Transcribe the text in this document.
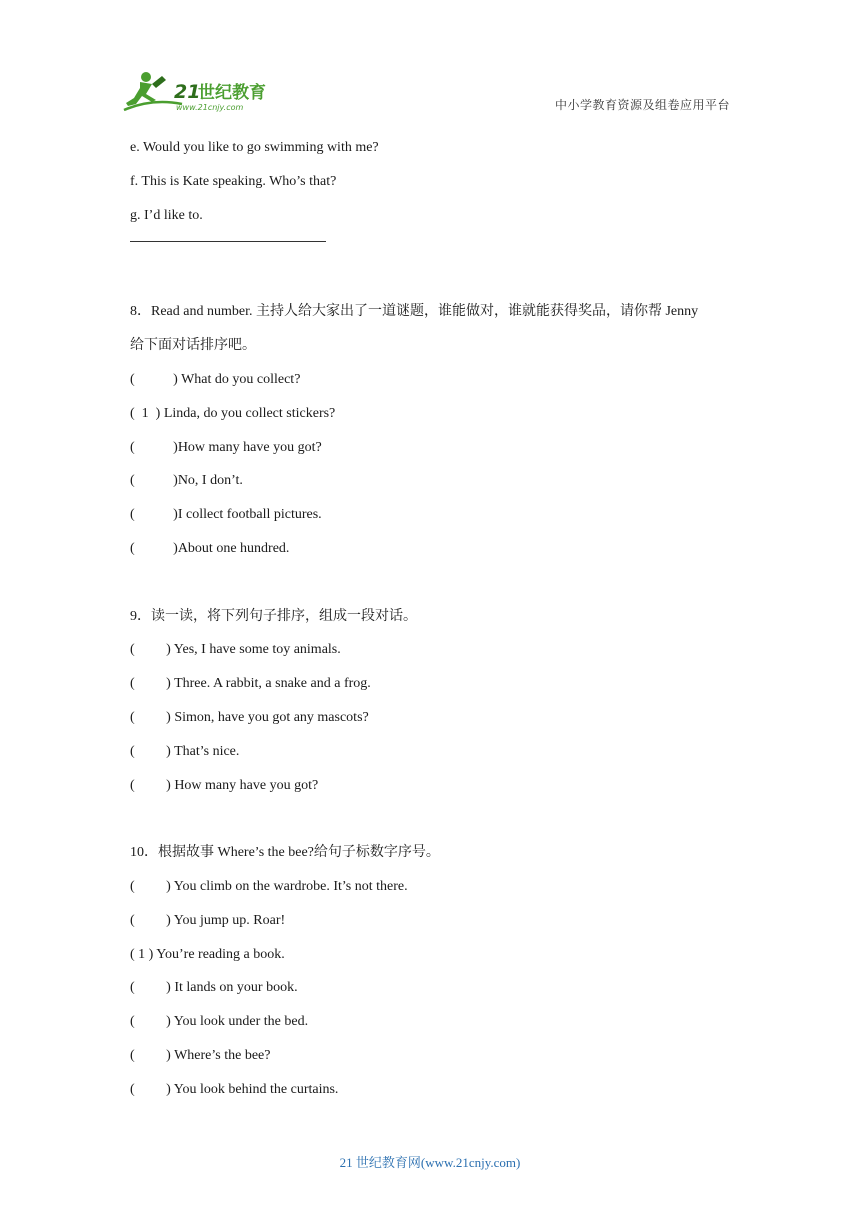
21
世纪教育
www.21cnjy.com	中小学教育资源及组卷应用平台
e. Would you like to go swimming with me?
f. This is Kate speaking. Who’s that?
g. I’d like to.
8．Read and number. 主持人给大家出了一道谜题，谁能做对，谁就能获得奖品，请你帮 Jenny
给下面对话排序吧。
(           ) What do you collect?
(  1  ) Linda, do you collect stickers?
(           )How many have you got?
(           )No, I don’t.
(           )I collect football pictures.
(           )About one hundred.
9．读一读，将下列句子排序，组成一段对话。
(         ) Yes, I have some toy animals.
(         ) Three. A rabbit, a snake and a frog.
(         ) Simon, have you got any mascots?
(         ) That’s nice.
(         ) How many have you got?
10．根据故事 Where’s the bee?给句子标数字序号。
(         ) You climb on the wardrobe. It’s not there.
(         ) You jump up. Roar!
( 1 ) You’re reading a book.
(         ) It lands on your book.
(         ) You look under the bed.
(         ) Where’s the bee?
(         ) You look behind the curtains.
21 世纪教育网(www.21cnjy.com)
